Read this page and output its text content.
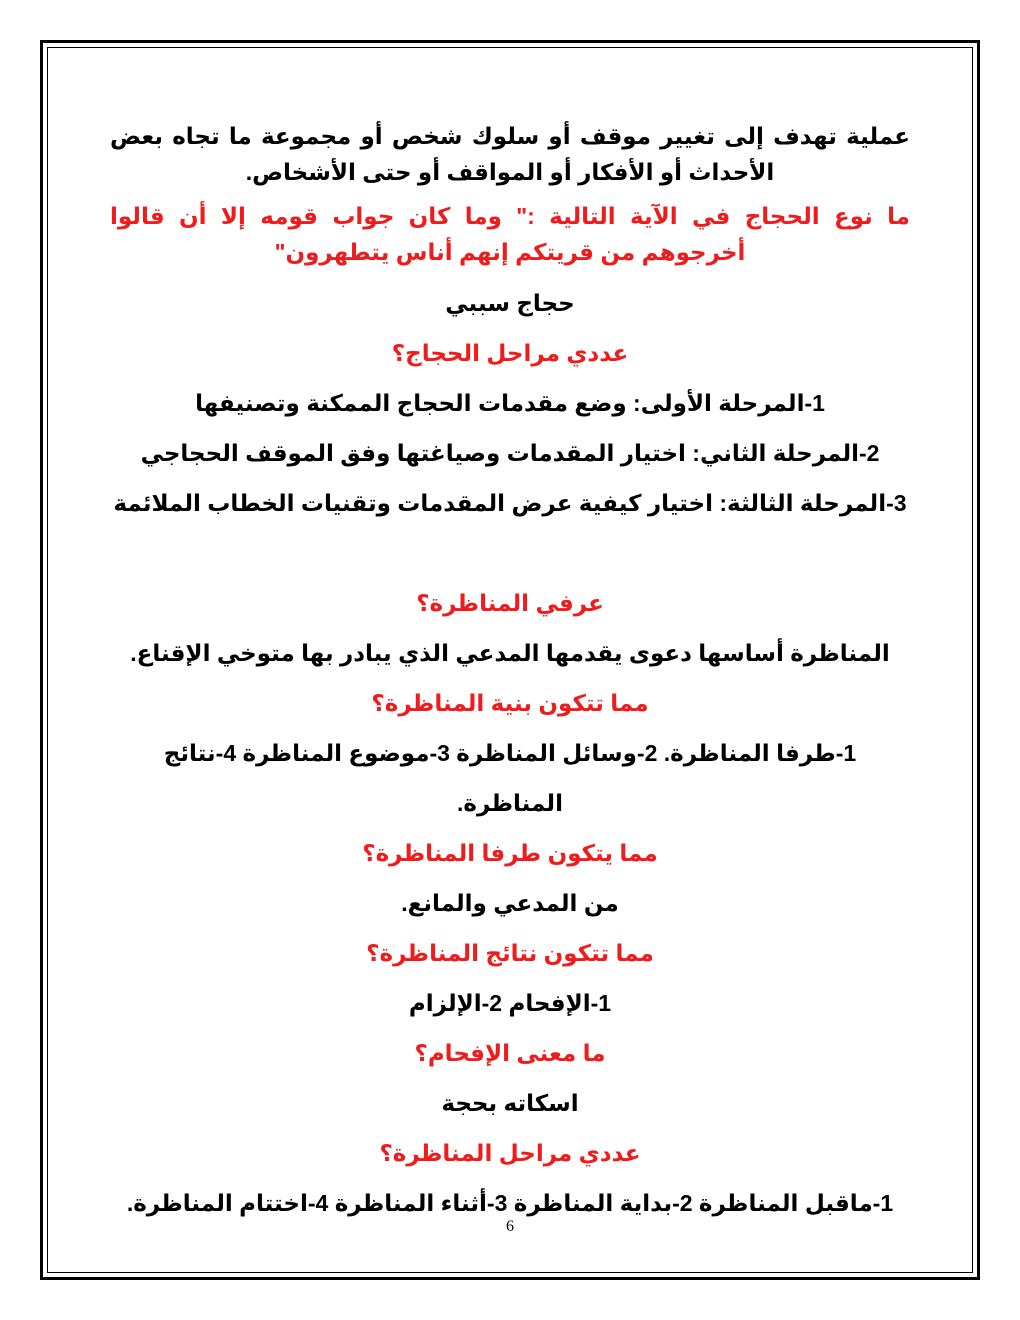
عملية تهدف إلى تغيير موقف أو سلوك شخص أو مجموعة ما تجاه بعض الأحداث أو الأفكار أو المواقف أو حتى الأشخاص.

ما نوع الحجاج في الآية التالية :" وما كان جواب قومه إلا أن قالوا أخرجوهم من قريتكم إنهم أناس يتطهرون"

حجاج سببي

عددي مراحل الحجاج؟

1-المرحلة الأولى: وضع مقدمات الحجاج الممكنة وتصنيفها

2-المرحلة الثاني: اختيار المقدمات وصياغتها وفق الموقف الحجاجي

3-المرحلة الثالثة: اختيار كيفية عرض المقدمات وتقنيات الخطاب الملائمة

عرفي المناظرة؟

المناظرة أساسها دعوى يقدمها المدعي الذي يبادر بها متوخي الإقناع.

مما تتكون بنية المناظرة؟

1-طرفا المناظرة. 2-وسائل المناظرة 3-موضوع المناظرة 4-نتائج المناظرة.

مما يتكون طرفا المناظرة؟

من المدعي والمانع.

مما تتكون نتائج المناظرة؟

1-الإفحام 2-الإلزام

ما معنى الإفحام؟

اسكاته بحجة

عددي مراحل المناظرة؟

1-ماقبل المناظرة 2-بداية المناظرة 3-أثناء المناظرة 4-اختتام المناظرة.

6
